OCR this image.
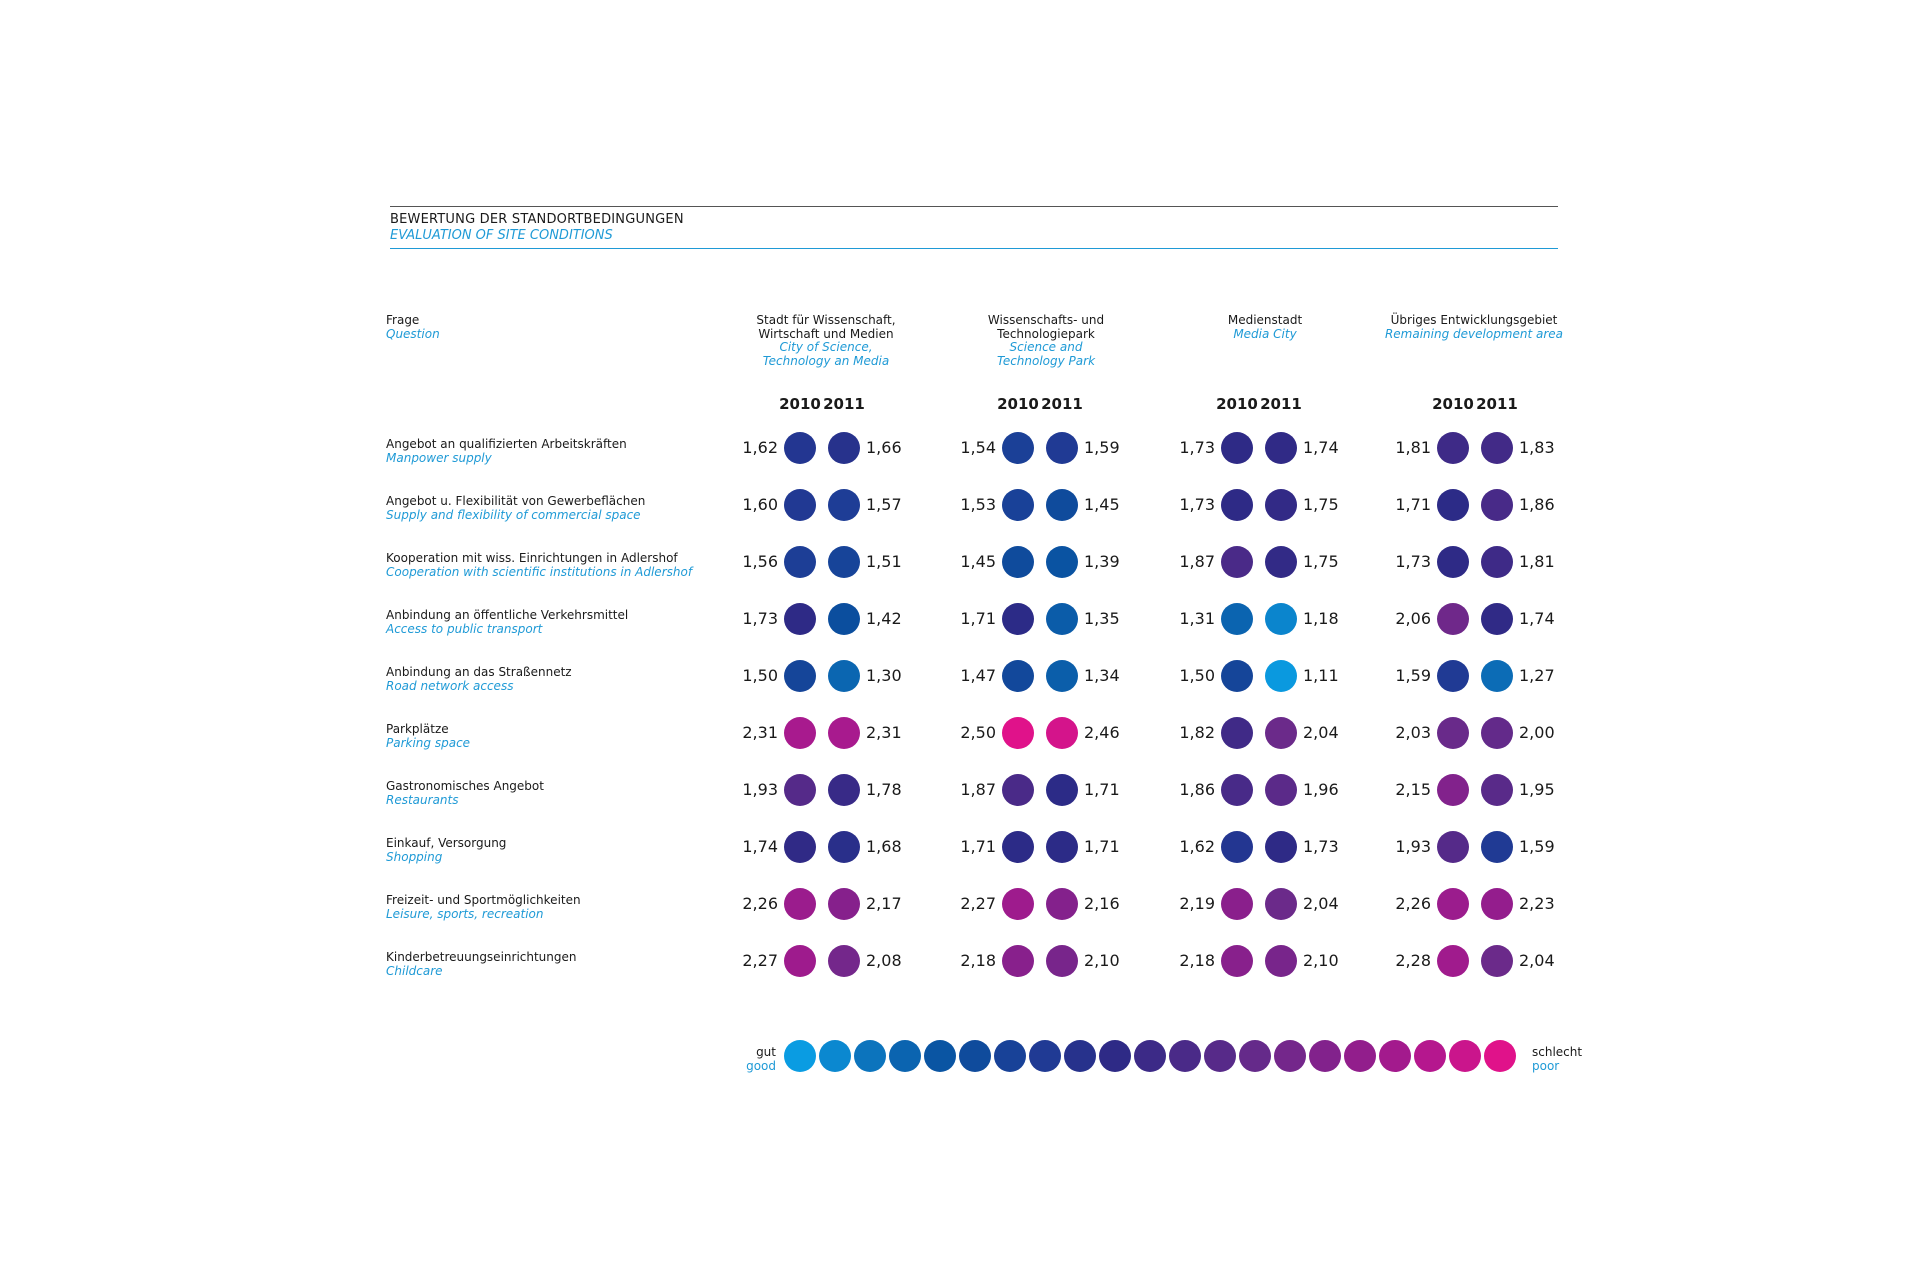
BEWERTUNG DER STANDORTBEDINGUNGEN
EVALUATION OF SITE CONDITIONS
Frage
Question
Stadt für Wissenschaft, Wirtschaft und Medien
City of Science, Technology an Media
Wissenschafts- und Technologiepark
Science and Technology Park
Medienstadt
Media City
Übriges Entwicklungsgebiet
Remaining development area
2010 2011	2010 2011	2010 2011	2010 2011
Angebot an qualifizierten Arbeitskräften
Manpower supply
1,62	1,66	1,54	1,59	1,73	1,74	1,81	1,83
Angebot u. Flexibilität von Gewerbeflächen
Supply and flexibility of commercial space
1,60	1,57	1,53	1,45	1,73	1,75	1,71	1,86
Kooperation mit wiss. Einrichtungen in Adlershof
Cooperation with scientific institutions in Adlershof
1,56	1,51	1,45	1,39	1,87	1,75	1,73	1,81
Anbindung an öffentliche Verkehrsmittel
Access to public transport
1,73	1,42	1,71	1,35	1,31	1,18	2,06	1,74
Anbindung an das Straßennetz
Road network access
1,50	1,30	1,47	1,34	1,50	1,11	1,59	1,27
Parkplätze
Parking space
2,31	2,31	2,50	2,46	1,82	2,04	2,03	2,00
Gastronomisches Angebot
Restaurants
1,93	1,78	1,87	1,71	1,86	1,96	2,15	1,95
Einkauf, Versorgung
Shopping
1,74	1,68	1,71	1,71	1,62	1,73	1,93	1,59
Freizeit- und Sportmöglichkeiten
Leisure, sports, recreation
2,26	2,17	2,27	2,16	2,19	2,04	2,26	2,23
Kinderbetreuungseinrichtungen
Childcare
2,27	2,08	2,18	2,10	2,18	2,10	2,28	2,04
gut
good
schlecht
poor
